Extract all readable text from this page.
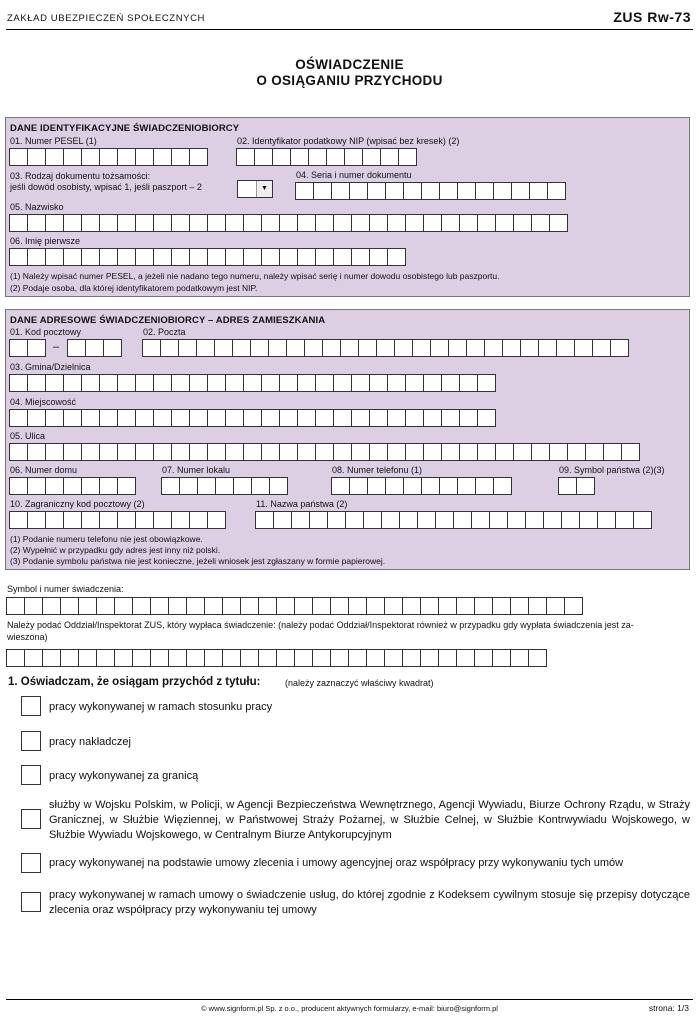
ZAKŁAD UBEZPIECZEŃ SPOŁECZNYCH	ZUS Rw-73
OŚWIADCZENIE
O OSIĄGANIU PRZYCHODU
DANE IDENTYFIKACYJNE ŚWIADCZENIOBIORCY
01. Numer PESEL (1)	02. Identyfikator podatkowy NIP (wpisać bez kresek) (2)
03. Rodzaj dokumentu tożsamości:
jeśli dowód osobisty, wpisać 1, jeśli paszport – 2	▼
04. Seria i numer dokumentu
05. Nazwisko
06. Imię pierwsze
(1) Należy wpisać numer PESEL, a jeżeli nie nadano tego numeru, należy wpisać serię i numer dowodu osobistego lub paszportu.
(2) Podaje osoba, dla której identyfikatorem podatkowym jest NIP.
DANE ADRESOWE ŚWIADCZENIOBIORCY – ADRES ZAMIESZKANIA
01. Kod pocztowy
–
02. Poczta
03. Gmina/Dzielnica
04. Miejscowość
05. Ulica
06. Numer domu	07. Numer lokalu	08. Numer telefonu (1)	09. Symbol państwa (2)(3)
10. Zagraniczny kod pocztowy (2)	11. Nazwa państwa (2)
(1) Podanie numeru telefonu nie jest obowiązkowe.
(2) Wypełnić w przypadku gdy adres jest inny niż polski.
(3) Podanie symbolu państwa nie jest konieczne, jeżeli wniosek jest zgłaszany w formie papierowej.
Symbol i numer świadczenia:
Należy podać Oddział/Inspektorat ZUS, który wypłaca świadczenie: (należy podać Oddział/Inspektorat również w przypadku gdy wypłata świadczenia jest za-
wieszona)
1. Oświadczam, że osiągam przychód z tytułu:	(należy zaznaczyć właściwy kwadrat)
pracy wykonywanej w ramach stosunku pracy
pracy nakładczej
pracy wykonywanej za granicą
służby w Wojsku Polskim, w Policji, w Agencji Bezpieczeństwa Wewnętrznego, Agencji Wywiadu, Biurze Ochrony Rządu, w Straży Granicznej, w Służbie Więziennej, w Państwowej Straży Pożarnej, w Służbie Celnej, w Służbie Kontrwywiadu Wojskowego, w Służbie Wywiadu Wojskowego, w Centralnym Biurze Antykorupcyjnym
pracy wykonywanej na podstawie umowy zlecenia i umowy agencyjnej oraz współpracy przy wykonywaniu tych umów
pracy wykonywanej w ramach umowy o świadczenie usług, do której zgodnie z Kodeksem cywilnym stosuje się przepisy dotyczące zlecenia oraz współpracy przy wykonywaniu tej umowy
© www.signform.pl Sp. z o.o., producent aktywnych formularzy, e-mail: biuro@signform.pl	strona: 1/3
